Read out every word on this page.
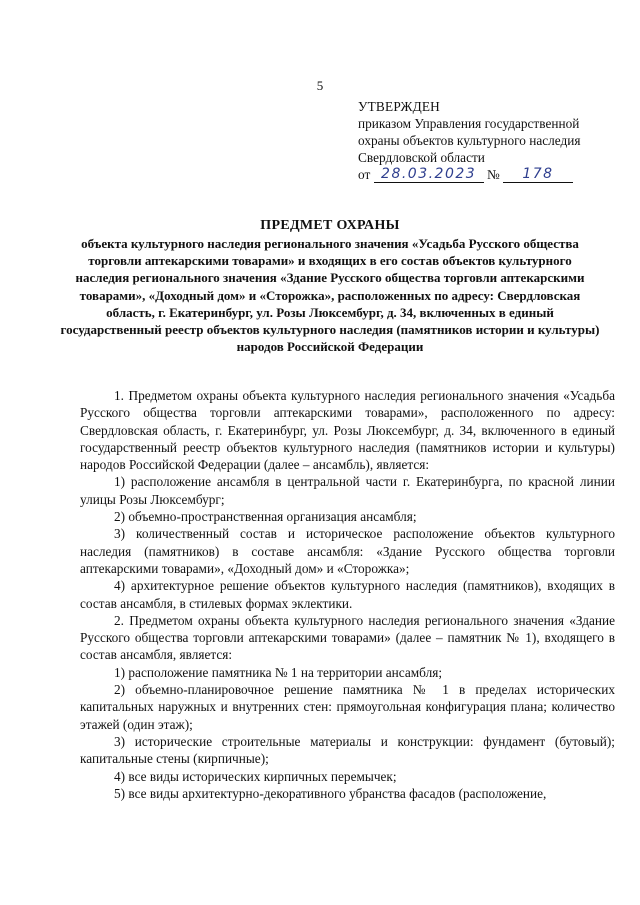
5
УТВЕРЖДЕН
приказом Управления государственной
охраны объектов культурного наследия
Свердловской области
от 28.03.2023 №	178
ПРЕДМЕТ ОХРАНЫ
объекта культурного наследия регионального значения «Усадьба Русского общества торговли аптекарскими товарами» и входящих в его состав объектов культурного наследия регионального значения «Здание Русского общества торговли аптекарскими товарами», «Доходный дом» и «Сторожка», расположенных по адресу: Свердловская область, г. Екатеринбург, ул. Розы Люксембург, д. 34, включенных в единый государственный реестр объектов культурного наследия (памятников истории и культуры) народов Российской Федерации

1. Предметом охраны объекта культурного наследия регионального значения «Усадьба Русского общества торговли аптекарскими товарами», расположенного по адресу: Свердловская область, г. Екатеринбург, ул. Розы Люксембург, д. 34, включенного в единый государственный реестр объектов культурного наследия (памятников истории и культуры) народов Российской Федерации (далее – ансамбль), является:

1) расположение ансамбля в центральной части г. Екатеринбурга, по красной линии улицы Розы Люксембург;

2) объемно-пространственная организация ансамбля;

3) количественный состав и историческое расположение объектов культурного наследия (памятников) в составе ансамбля: «Здание Русского общества торговли аптекарскими товарами», «Доходный дом» и «Сторожка»;

4) архитектурное решение объектов культурного наследия (памятников), входящих в состав ансамбля, в стилевых формах эклектики.

2. Предметом охраны объекта культурного наследия регионального значения «Здание Русского общества торговли аптекарскими товарами» (далее – памятник № 1), входящего в состав ансамбля, является:

1) расположение памятника № 1 на территории ансамбля;

2) объемно-планировочное решение памятника № 1 в пределах исторических капитальных наружных и внутренних стен: прямоугольная конфигурация плана; количество этажей (один этаж);

3) исторические строительные материалы и конструкции: фундамент (бутовый); капитальные стены (кирпичные);

4) все виды исторических кирпичных перемычек;

5) все виды архитектурно-декоративного убранства фасадов (расположение,
